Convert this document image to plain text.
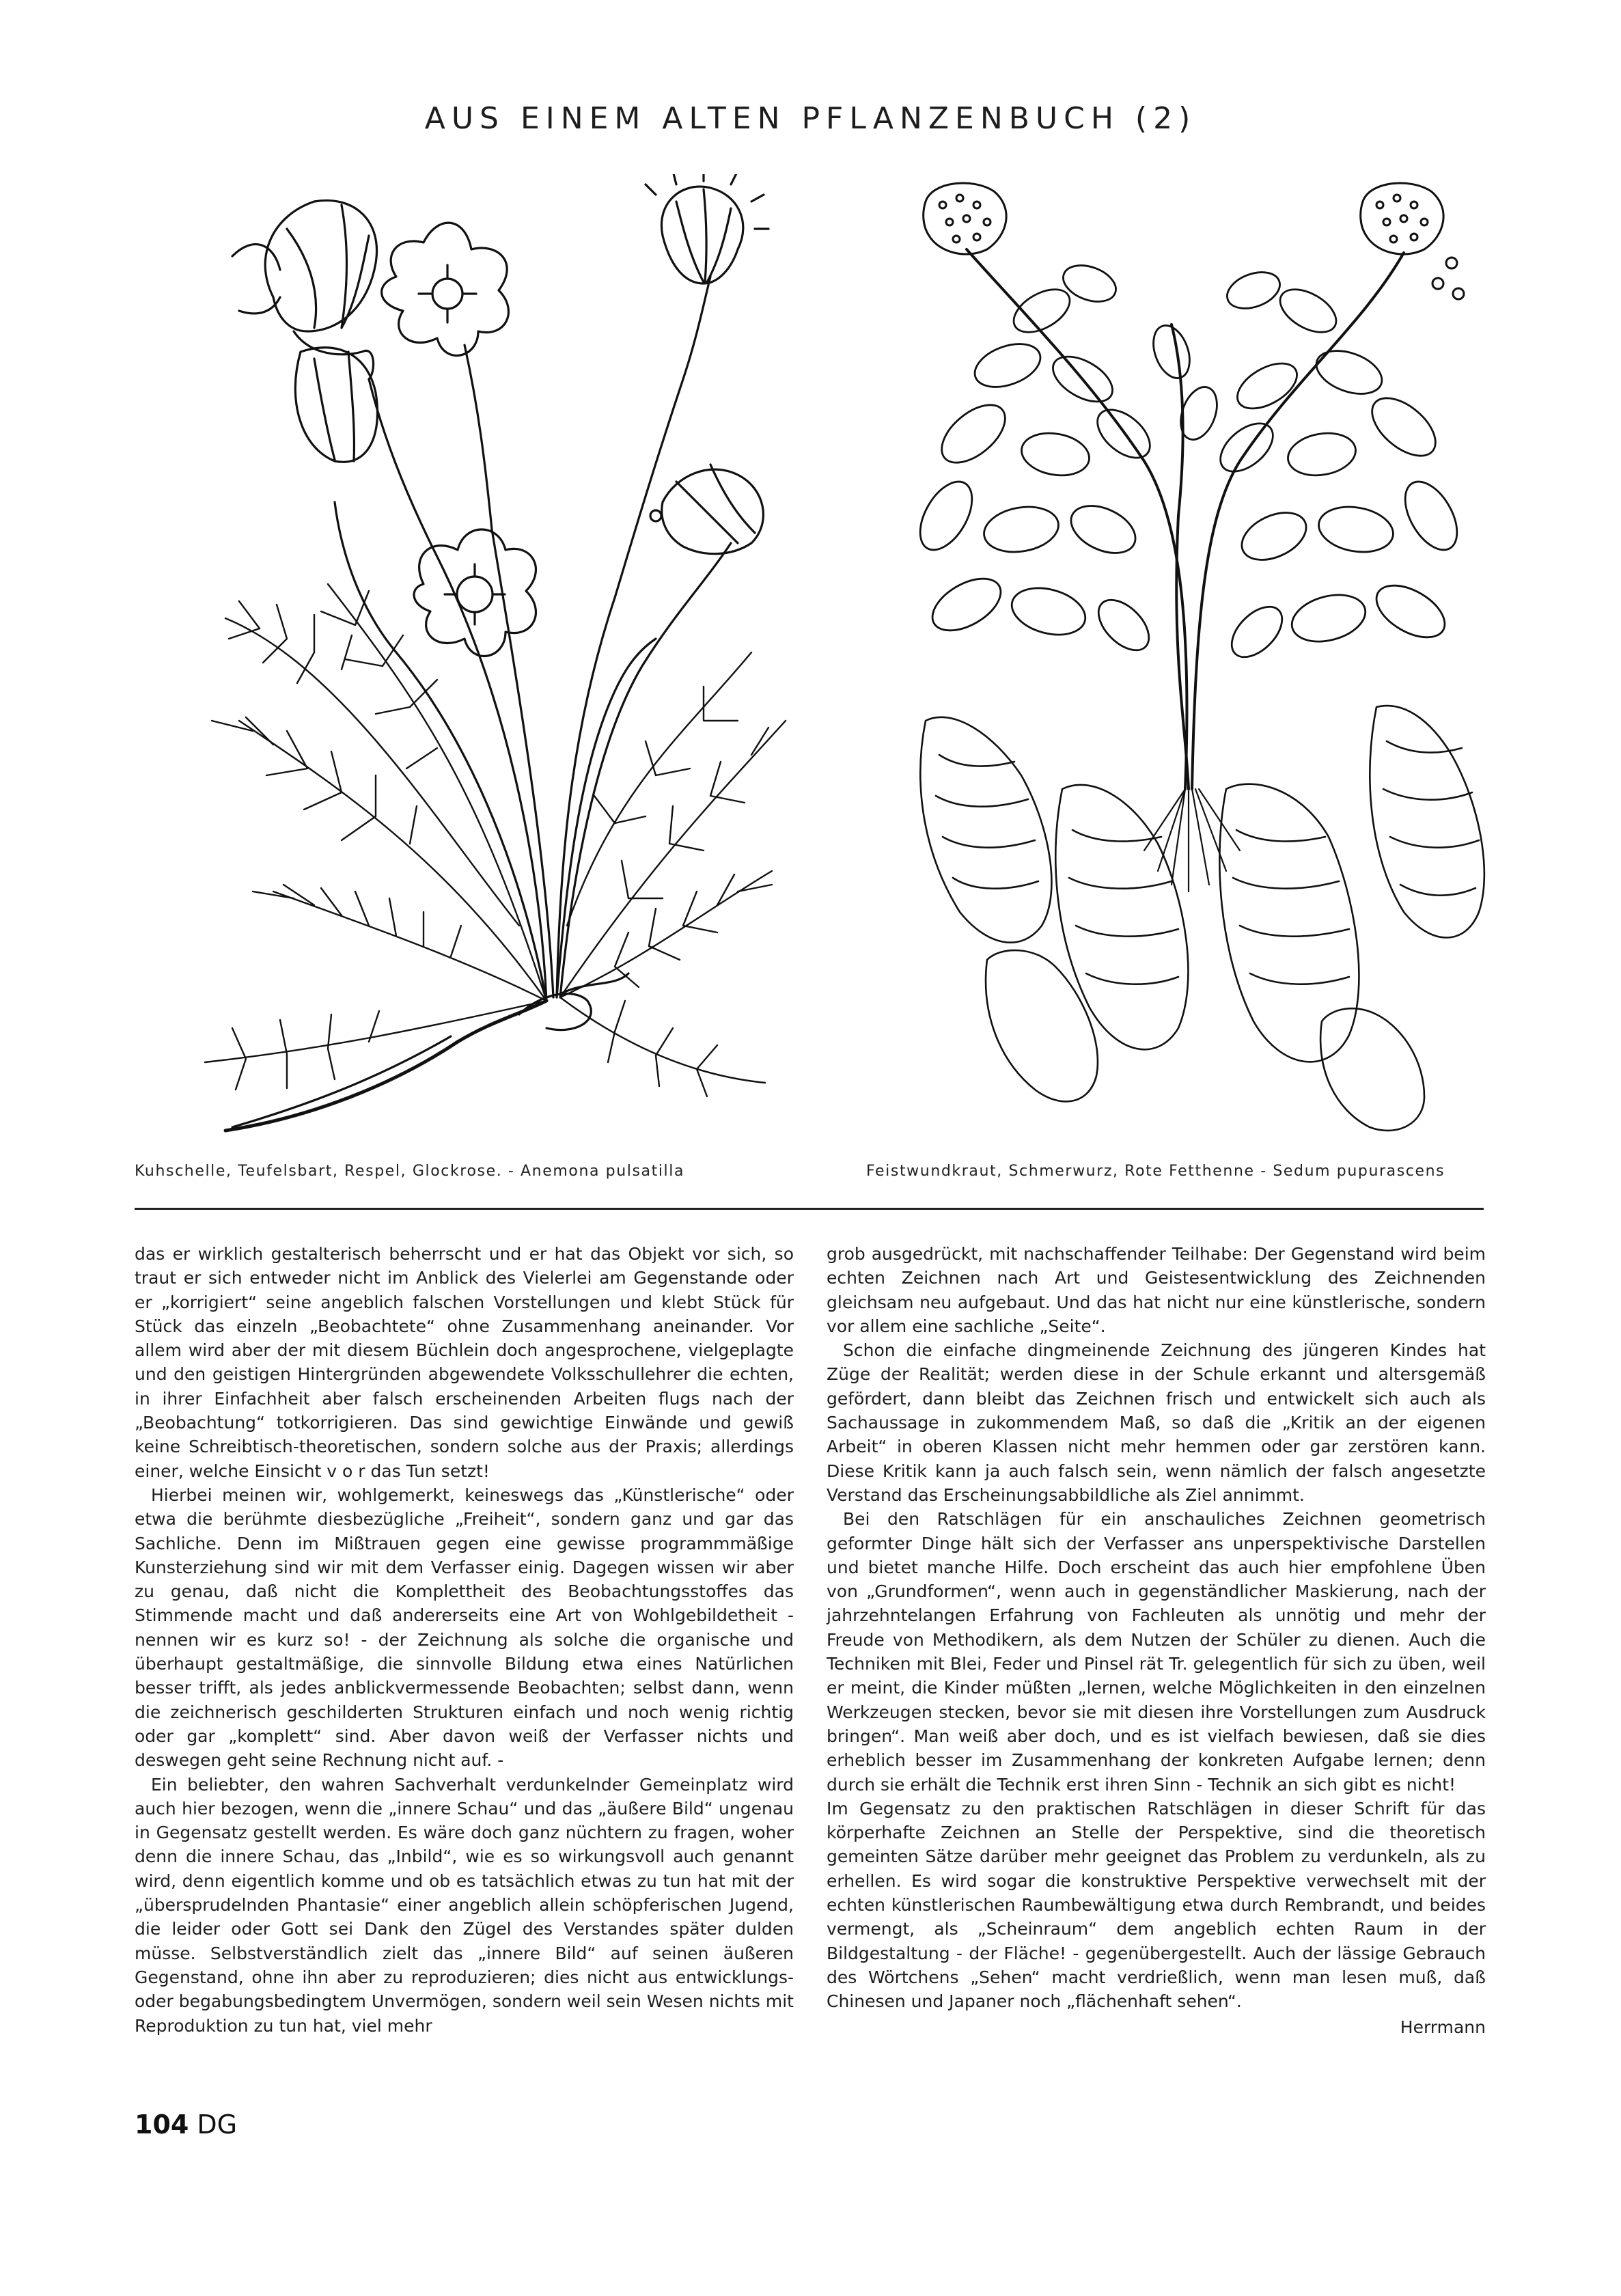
AUS EINEM ALTEN PFLANZENBUCH (2)
Kuhschelle, Teufelsbart, Respel, Glockrose. - Anemona pulsatilla	Feistwundkraut, Schmerwurz, Rote Fetthenne - Sedum pupurascens

das er wirklich gestalterisch beherrscht und er hat das Objekt vor sich, so traut er sich entweder nicht im Anblick des Vielerlei am Gegenstande oder er „korrigiert“ seine angeblich falschen Vorstellungen und klebt Stück für Stück das einzeln „Beobachtete“ ohne Zusammenhang aneinander. Vor allem wird aber der mit diesem Büchlein doch angesprochene, vielgeplagte und den geistigen Hintergründen abgewendete Volksschullehrer die echten, in ihrer Einfachheit aber falsch erscheinenden Arbeiten flugs nach der „Beobachtung“ totkorrigieren. Das sind gewichtige Einwände und gewiß keine Schreibtisch-theoretischen, sondern solche aus der Praxis; allerdings einer, welche Einsicht v o r das Tun setzt!

Hierbei meinen wir, wohlgemerkt, keineswegs das „Künstlerische“ oder etwa die berühmte diesbezügliche „Freiheit“, sondern ganz und gar das Sachliche. Denn im Mißtrauen gegen eine gewisse programmmäßige Kunsterziehung sind wir mit dem Verfasser einig. Dagegen wissen wir aber zu genau, daß nicht die Komplettheit des Beobachtungsstoffes das Stimmende macht und daß andererseits eine Art von Wohlgebildetheit - nennen wir es kurz so! - der Zeichnung als solche die organische und überhaupt gestaltmäßige, die sinnvolle Bildung etwa eines Natürlichen besser trifft, als jedes anblickvermessende Beobachten; selbst dann, wenn die zeichnerisch geschilderten Strukturen einfach und noch wenig richtig oder gar „komplett“ sind. Aber davon weiß der Verfasser nichts und deswegen geht seine Rechnung nicht auf. -

Ein beliebter, den wahren Sachverhalt verdunkelnder Gemeinplatz wird auch hier bezogen, wenn die „innere Schau“ und das „äußere Bild“ ungenau in Gegensatz gestellt werden. Es wäre doch ganz nüchtern zu fragen, woher denn die innere Schau, das „Inbild“, wie es so wirkungsvoll auch genannt wird, denn eigentlich komme und ob es tatsächlich etwas zu tun hat mit der „übersprudelnden Phantasie“ einer angeblich allein schöpferischen Jugend, die leider oder Gott sei Dank den Zügel des Verstandes später dulden müsse. Selbstverständlich zielt das „innere Bild“ auf seinen äußeren Gegenstand, ohne ihn aber zu reproduzieren; dies nicht aus entwicklungs- oder begabungsbedingtem Unvermögen, sondern weil sein Wesen nichts mit Reproduktion zu tun hat, viel mehr

grob ausgedrückt, mit nachschaffender Teilhabe: Der Gegenstand wird beim echten Zeichnen nach Art und Geistesentwicklung des Zeichnenden gleichsam neu aufgebaut. Und das hat nicht nur eine künstlerische, sondern vor allem eine sachliche „Seite“.

Schon die einfache dingmeinende Zeichnung des jüngeren Kindes hat Züge der Realität; werden diese in der Schule erkannt und altersgemäß gefördert, dann bleibt das Zeichnen frisch und entwickelt sich auch als Sachaussage in zukommendem Maß, so daß die „Kritik an der eigenen Arbeit“ in oberen Klassen nicht mehr hemmen oder gar zerstören kann. Diese Kritik kann ja auch falsch sein, wenn nämlich der falsch angesetzte Verstand das Erscheinungsabbildliche als Ziel annimmt.

Bei den Ratschlägen für ein anschauliches Zeichnen geometrisch geformter Dinge hält sich der Verfasser ans unperspektivische Darstellen und bietet manche Hilfe. Doch erscheint das auch hier empfohlene Üben von „Grundformen“, wenn auch in gegenständlicher Maskierung, nach der jahrzehntelangen Erfahrung von Fachleuten als unnötig und mehr der Freude von Methodikern, als dem Nutzen der Schüler zu dienen. Auch die Techniken mit Blei, Feder und Pinsel rät Tr. gelegentlich für sich zu üben, weil er meint, die Kinder müßten „lernen, welche Möglichkeiten in den einzelnen Werkzeugen stecken, bevor sie mit diesen ihre Vorstellungen zum Ausdruck bringen“. Man weiß aber doch, und es ist vielfach bewiesen, daß sie dies erheblich besser im Zusammenhang der konkreten Aufgabe lernen; denn durch sie erhält die Technik erst ihren Sinn - Technik an sich gibt es nicht!

Im Gegensatz zu den praktischen Ratschlägen in dieser Schrift für das körperhafte Zeichnen an Stelle der Perspektive, sind die theoretisch gemeinten Sätze darüber mehr geeignet das Problem zu verdunkeln, als zu erhellen. Es wird sogar die konstruktive Perspektive verwechselt mit der echten künstlerischen Raumbewältigung etwa durch Rembrandt, und beides vermengt, als „Scheinraum“ dem angeblich echten Raum in der Bildgestaltung - der Fläche! - gegenübergestellt. Auch der lässige Gebrauch des Wörtchens „Sehen“ macht verdrießlich, wenn man lesen muß, daß Chinesen und Japaner noch „flächenhaft sehen“.

Herrmann
104 DG
